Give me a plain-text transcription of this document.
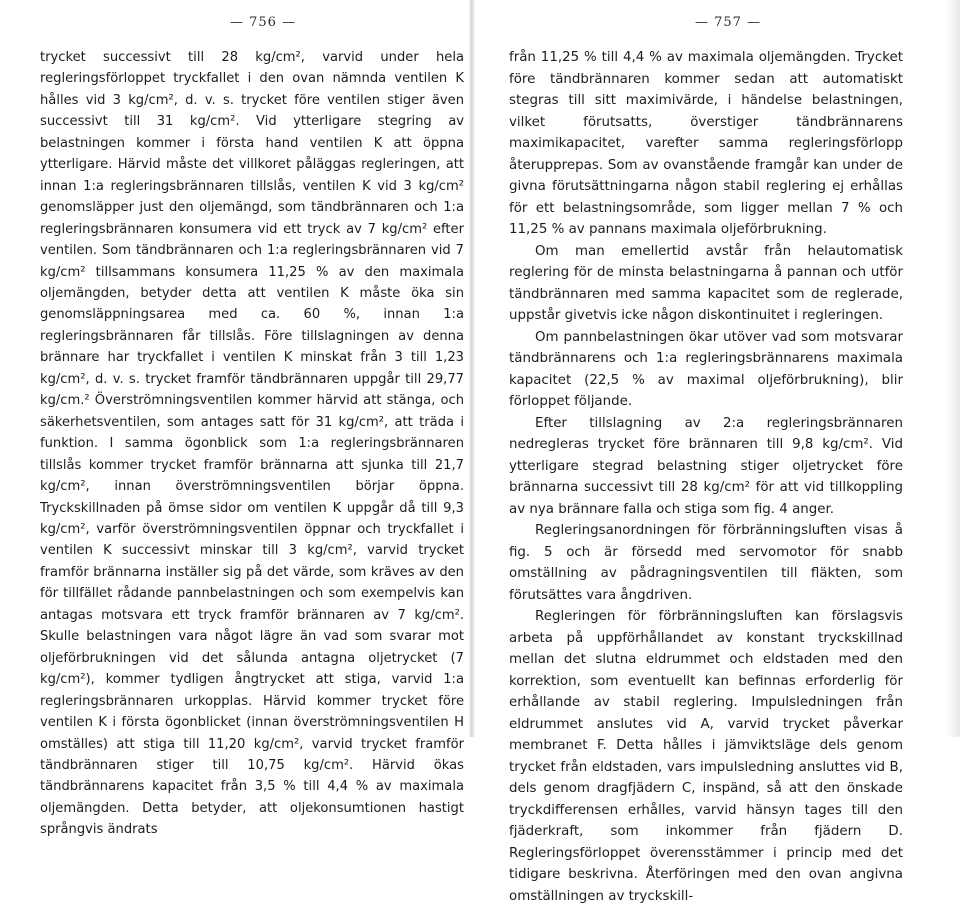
— 756 —

trycket successivt till 28 kg/cm², varvid under hela regleringsförloppet tryckfallet i den ovan nämnda ventilen K hålles vid 3 kg/cm², d. v. s. trycket före ventilen stiger även successivt till 31 kg/cm². Vid ytterligare stegring av belastningen kommer i första hand ventilen K att öppna ytterligare. Härvid måste det villkoret påläggas regleringen, att innan 1:a regleringsbrännaren tillslås, ventilen K vid 3 kg/cm² genomsläpper just den oljemängd, som tändbrännaren och 1:a regleringsbrännaren konsumera vid ett tryck av 7 kg/cm² efter ventilen. Som tändbrännaren och 1:a regleringsbrännaren vid 7 kg/cm² tillsammans konsumera 11,25 % av den maximala oljemängden, betyder detta att ventilen K måste öka sin genomsläppningsarea med ca. 60 %, innan 1:a regleringsbrännaren får tillslås. Före tillslagningen av denna brännare har tryckfallet i ventilen K minskat från 3 till 1,23 kg/cm², d. v. s. trycket framför tändbrännaren uppgår till 29,77 kg/cm.² Överströmningsventilen kommer härvid att stänga, och säkerhetsventilen, som antages satt för 31 kg/cm², att träda i funktion. I samma ögonblick som 1:a regleringsbrännaren tillslås kommer trycket framför brännarna att sjunka till 21,7 kg/cm², innan överströmningsventilen börjar öppna. Tryckskillnaden på ömse sidor om ventilen K uppgår då till 9,3 kg/cm², varför överströmningsventilen öppnar och tryckfallet i ventilen K successivt minskar till 3 kg/cm², varvid trycket framför brännarna inställer sig på det värde, som kräves av den för tillfället rådande pannbelastningen och som exempelvis kan antagas motsvara ett tryck framför brännaren av 7 kg/cm². Skulle belastningen vara något lägre än vad som svarar mot oljeförbrukningen vid det sålunda antagna oljetrycket (7 kg/cm²), kommer tydligen ångtrycket att stiga, varvid 1:a regleringsbrännaren urkopplas. Härvid kommer trycket före ventilen K i första ögonblicket (innan överströmningsventilen H omställes) att stiga till 11,20 kg/cm², varvid trycket framför tändbrännaren stiger till 10,75 kg/cm². Härvid ökas tändbrännarens kapacitet från 3,5 % till 4,4 % av maximala oljemängden. Detta betyder, att oljekonsumtionen hastigt språngvis ändrats

— 757 —

från 11,25 % till 4,4 % av maximala oljemängden. Trycket före tändbrännaren kommer sedan att automatiskt stegras till sitt maximivärde, i händelse belastningen, vilket förutsatts, överstiger tändbrännarens maximikapacitet, varefter samma regleringsförlopp återupprepas. Som av ovanstående framgår kan under de givna förutsättningarna någon stabil reglering ej erhållas för ett belastningsområde, som ligger mellan 7 % och 11,25 % av pannans maximala oljeförbrukning.

Om man emellertid avstår från helautomatisk reglering för de minsta belastningarna å pannan och utför tändbrännaren med samma kapacitet som de reglerade, uppstår givetvis icke någon diskontinuitet i regleringen.

Om pannbelastningen ökar utöver vad som motsvarar tändbrännarens och 1:a regleringsbrännarens maximala kapacitet (22,5 % av maximal oljeförbrukning), blir förloppet följande.

Efter tillslagning av 2:a regleringsbrännaren nedregleras trycket före brännaren till 9,8 kg/cm². Vid ytterligare stegrad belastning stiger oljetrycket före brännarna successivt till 28 kg/cm² för att vid tillkoppling av nya brännare falla och stiga som fig. 4 anger.

Regleringsanordningen för förbränningsluften visas å fig. 5 och är försedd med servomotor för snabb omställning av pådragningsventilen till fläkten, som förutsättes vara ångdriven.

Regleringen för förbränningsluften kan förslagsvis arbeta på uppförhållandet av konstant tryckskillnad mellan det slutna eldrummet och eldstaden med den korrektion, som eventuellt kan befinnas erforderlig för erhållande av stabil reglering. Impulsledningen från eldrummet anslutes vid A, varvid trycket påverkar membranet F. Detta hålles i jämviktsläge dels genom trycket från eldstaden, vars impulsledning ansluttes vid B, dels genom dragfjädern C, inspänd, så att den önskade tryckdifferensen erhålles, varvid hänsyn tages till den fjäderkraft, som inkommer från fjädern D. Regleringsförloppet överensstämmer i princip med det tidigare beskrivna. Återföringen med den ovan angivna omställningen av tryckskill-
